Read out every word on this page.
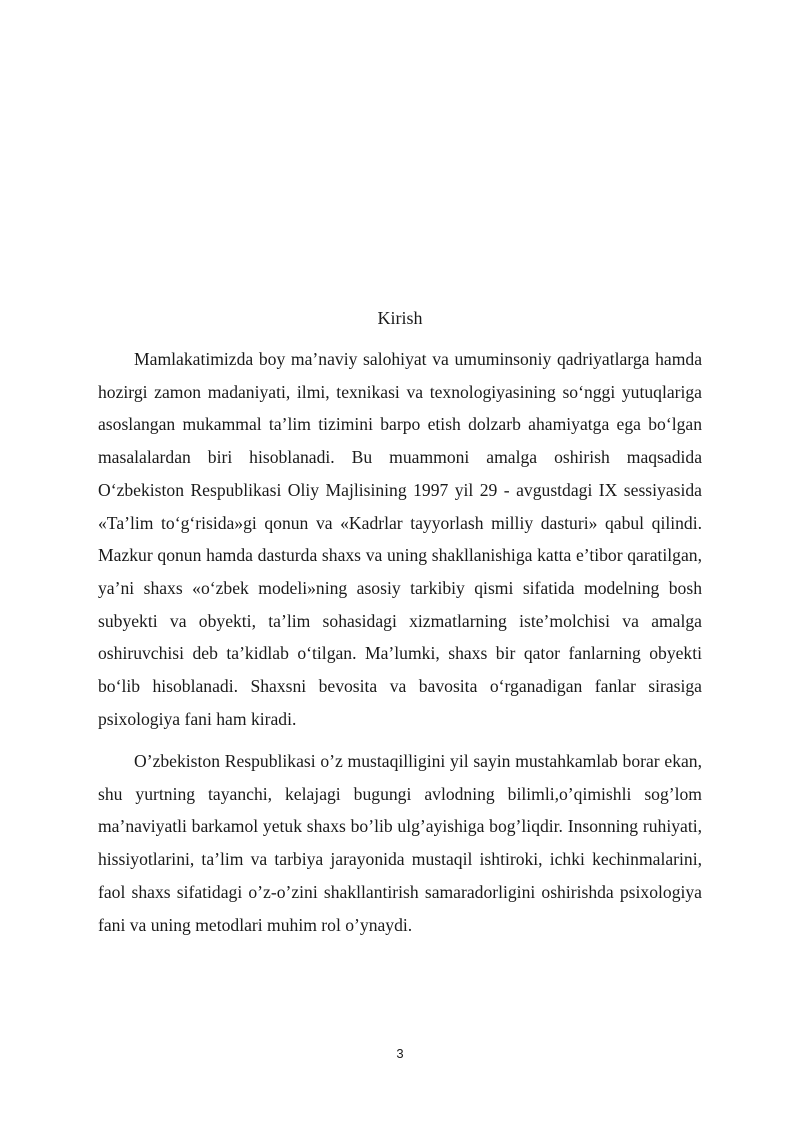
Kirish

Mamlakatimizda boy ma’naviy salohiyat va umuminsoniy qadriyatlarga hamda hozirgi zamon madaniyati, ilmi, texnikasi va texnologiyasining so‘nggi yutuqlariga asoslangan mukammal ta’lim tizimini barpo etish dolzarb ahamiyatga ega bo‘lgan masalalardan biri hisoblanadi. Bu muammoni amalga oshirish maqsadida O‘zbekiston Respublikasi Oliy Majlisining 1997 yil 29 - avgustdagi IX sessiyasida «Ta’lim to‘g‘risida»gi qonun va «Kadrlar tayyorlash milliy dasturi» qabul qilindi. Mazkur qonun hamda dasturda shaxs va uning shakllanishiga katta e’tibor qaratilgan, ya’ni shaxs «o‘zbek modeli»ning asosiy tarkibiy qismi sifatida modelning bosh subyekti va obyekti, ta’lim sohasidagi xizmatlarning iste’molchisi va amalga oshiruvchisi deb ta’kidlab o‘tilgan. Ma’lumki, shaxs bir qator fanlarning obyekti bo‘lib hisoblanadi. Shaxsni bevosita va bavosita o‘rganadigan fanlar sirasiga psixologiya fani ham kiradi.

O’zbekiston Respublikasi o’z mustaqilligini yil sayin mustahkamlab borar ekan, shu yurtning tayanchi, kelajagi bugungi avlodning bilimli,o’qimishli sog’lom ma’naviyatli barkamol yetuk shaxs bo’lib ulg’ayishiga bog’liqdir. Insonning ruhiyati, hissiyotlarini, ta’lim va tarbiya jarayonida mustaqil ishtiroki, ichki kechinmalarini, faol shaxs sifatidagi o’z-o’zini shakllantirish samaradorligini oshirishda psixologiya fani va uning metodlari muhim rol o’ynaydi.

3
